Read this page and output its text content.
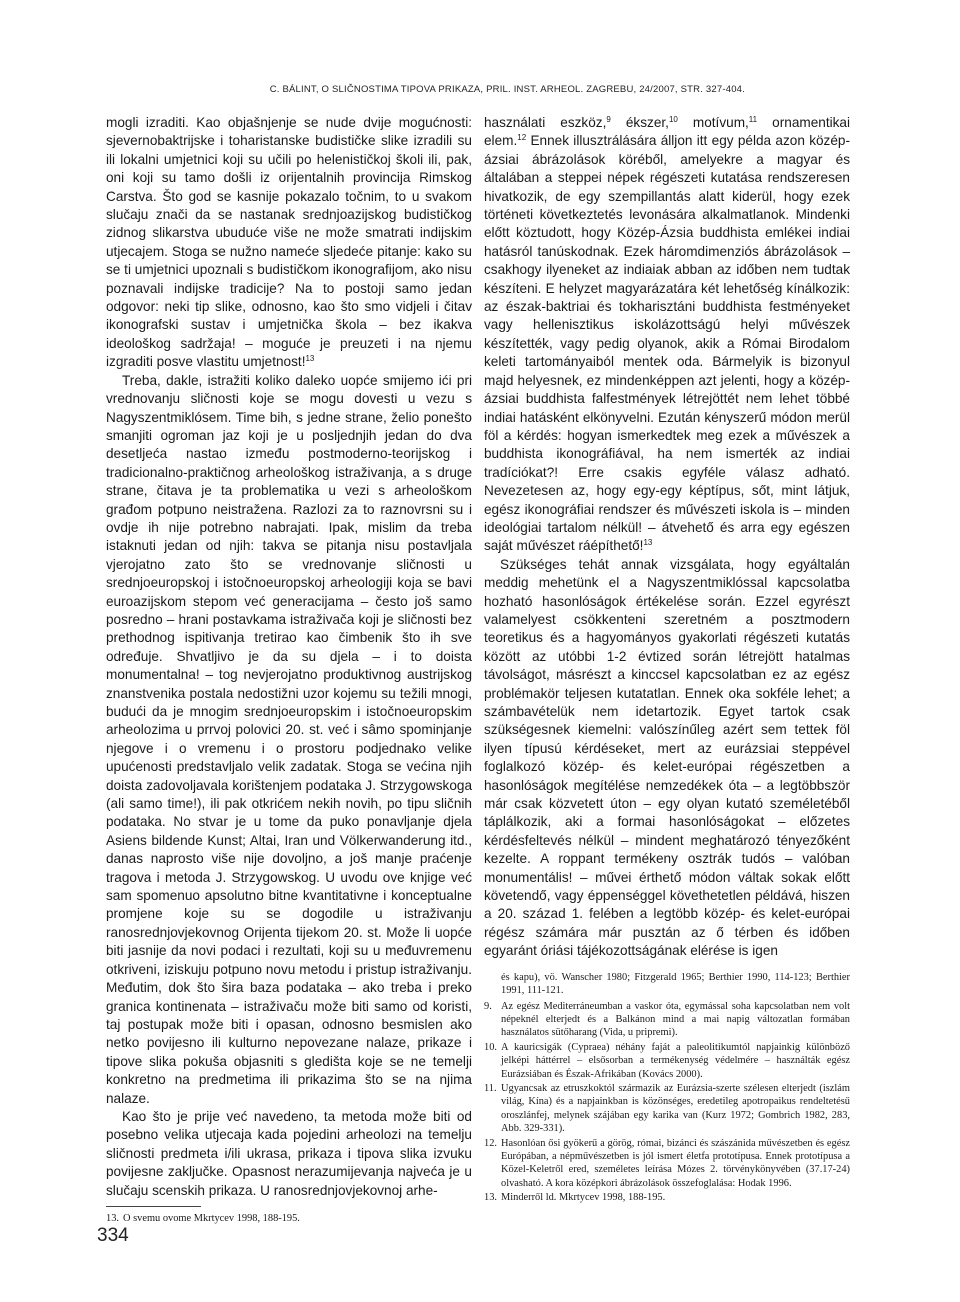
C. BÁLINT, O SLIČNOSTIMA TIPOVA PRIKAZA, PRIL. INST. ARHEOL. ZAGREBU, 24/2007, STR. 327-404.

mogli izraditi. Kao objašnjenje se nude dvije mogućnosti: sjevernobaktrijske i toharistanske budističke slike izradili su ili lokalni umjetnici koji su učili po helenističkoj školi ili, pak, oni koji su tamo došli iz orijentalnih provincija Rimskog Carstva. Što god se kasnije pokazalo točnim, to u svakom slučaju znači da se nastanak srednjoazijskog budističkog zidnog slikarstva ubuduće više ne može smatrati indijskim utjecajem. Stoga se nužno nameće sljedeće pitanje: kako su se ti umjetnici upoznali s budističkom ikonografijom, ako nisu poznavali indijske tradicije? Na to postoji samo jedan odgovor: neki tip slike, odnosno, kao što smo vidjeli i čitav ikonografski sustav i umjetnička škola – bez ikakva ideološkog sadržaja! – moguće je preuzeti i na njemu izgraditi posve vlastitu umjetnost!$^{13}$

Treba, dakle, istražiti koliko daleko uopće smijemo ići pri vrednovanju sličnosti koje se mogu dovesti u vezu s Nagyszentmiklósem. Time bih, s jedne strane, želio ponešto smanjiti ogroman jaz koji je u posljednjih jedan do dva desetljeća nastao između postmoderno-teorijskog i tradicionalno-praktičnog arheološkog istraživanja, a s druge strane, čitava je ta problematika u vezi s arheološkom građom potpuno neistražena. Razlozi za to raznovrsni su i ovdje ih nije potrebno nabrajati. Ipak, mislim da treba istaknuti jedan od njih: takva se pitanja nisu postavljala vjerojatno zato što se vrednovanje sličnosti u srednjoeuropskoj i istočnoeuropskoj arheologiji koja se bavi euroazijskom stepom već generacijama – često još samo posredno – hrani postavkama istraživača koji je sličnosti bez prethodnog ispitivanja tretirao kao čimbenik što ih sve određuje. Shvatljivo je da su djela – i to doista monumentalna! – tog nevjerojatno produktivnog austrijskog znanstvenika postala nedostižni uzor kojemu su težili mnogi, budući da je mnogim srednjoeuropskim i istočnoeuropskim arheolozima u prrvoj polovici 20. st. već i sâmo spominjanje njegove i o vremenu i o prostoru podjednako velike upućenosti predstavljalo velik zadatak. Stoga se većina njih doista zadovoljavala korištenjem podataka J. Strzygowskoga (ali samo time!), ili pak otkrićem nekih novih, po tipu sličnih podataka. No stvar je u tome da puko ponavljanje djela Asiens bildende Kunst; Altai, Iran und Völkerwanderung itd., danas naprosto više nije dovoljno, a još manje praćenje tragova i metoda J. Strzygowskog. U uvodu ove knjige već sam spomenuo apsolutno bitne kvantitativne i konceptualne promjene koje su se dogodile u istraživanju ranosrednjovjekovnog Orijenta tijekom 20. st. Može li uopće biti jasnije da novi podaci i rezultati, koji su u međuvremenu otkriveni, iziskuju potpuno novu metodu i pristup istraživanju. Međutim, dok što šira baza podataka – ako treba i preko granica kontinenata – istraživaču može biti samo od koristi, taj postupak može biti i opasan, odnosno besmislen ako netko povijesno ili kulturno nepovezane nalaze, prikaze i tipove slika pokuša objasniti s gledišta koje se ne temelji konkretno na predmetima ili prikazima što se na njima nalaze.

Kao što je prije već navedeno, ta metoda može biti od posebno velika utjecaja kada pojedini arheolozi na temelju sličnosti predmeta i/ili ukrasa, prikaza i tipova slika izvuku povijesne zaključke. Opasnost nerazumijevanja najveća je u slučaju scenskih prikaza. U ranosrednjovjekovnoj arhe-

13. O svemu ovome Mkrtycev 1998, 188-195.

használati eszköz,$^9$ ékszer,$^{10}$ motívum,$^{11}$ ornamentikai elem.$^{12}$ Ennek illusztrálására álljon itt egy példa azon közép-ázsiai ábrázolások köréből, amelyekre a magyar és általában a steppei népek régészeti kutatása rendszeresen hivatkozik, de egy szempillantás alatt kiderül, hogy ezek történeti következtetés levonására alkalmatlanok. Mindenki előtt köztudott, hogy Közép-Ázsia buddhista emlékei indiai hatásról tanúskodnak. Ezek háromdimenziós ábrázolások – csakhogy ilyeneket az indiaiak abban az időben nem tudtak készíteni. E helyzet magyarázatára két lehetőség kínálkozik: az észak-baktriai és tokharisztáni buddhista festményeket vagy hellenisztikus iskolázottságú helyi művészek készítették, vagy pedig olyanok, akik a Római Birodalom keleti tartományaiból mentek oda. Bármelyik is bizonyul majd helyesnek, ez mindenképpen azt jelenti, hogy a közép-ázsiai buddhista falfestmények létrejöttét nem lehet többé indiai hatásként elkönyvelni. Ezután kényszerű módon merül föl a kérdés: hogyan ismerkedtek meg ezek a művészek a buddhista ikonográfiával, ha nem ismerték az indiai tradíciókat?! Erre csakis egyféle válasz adható. Nevezetesen az, hogy egy-egy képtípus, sőt, mint látjuk, egész ikonográfiai rendszer és művészeti iskola is – minden ideológiai tartalom nélkül! – átvehető és arra egy egészen saját művészet ráépíthető!$^{13}$

Szükséges tehát annak vizsgálata, hogy egyáltalán meddig mehetünk el a Nagyszentmiklóssal kapcsolatba hozható hasonlóságok értékelése során. Ezzel egyrészt valamelyest csökkenteni szeretném a posztmodern teoretikus és a hagyományos gyakorlati régészeti kutatás között az utóbbi 1-2 évtized során létrejött hatalmas távolságot, másrészt a kinccsel kapcsolatban ez az egész problémakör teljesen kutatatlan. Ennek oka sokféle lehet; a számbavételük nem idetartozik. Egyet tartok csak szükségesnek kiemelni: valószínűleg azért sem tettek föl ilyen típusú kérdéseket, mert az eurázsiai steppével foglalkozó közép- és kelet-európai régészetben a hasonlóságok megítélése nemzedékek óta – a legtöbbször már csak közvetett úton – egy olyan kutató személetéből táplálkozik, aki a formai hasonlóságokat – előzetes kérdésfeltevés nélkül – mindent meghatározó tényezőként kezelte. A roppant termékeny osztrák tudós – valóban monumentális! – művei érthető módon váltak sokak előtt követendő, vagy éppenséggel követhetetlen példává, hiszen a 20. század 1. felében a legtöbb közép- és kelet-európai régész számára már pusztán az ő térben és időben egyaránt óriási tájékozottságának elérése is igen

és kapu), vö. Wanscher 1980; Fitzgerald 1965; Berthier 1990, 114-123; Berthier 1991, 111-121.
9. Az egész Mediterráneumban a vaskor óta, egymással soha kapcsolatban nem volt népeknél elterjedt és a Balkánon mind a mai napig változatlan formában használatos sütőharang (Vida, u pripremi).
10. A kauricsigák (Cypraea) néhány faját a paleolitikumtól napjainkig különböző jelképi háttérrel – elsősorban a termékenység védelmére – használták egész Eurázsiában és Észak-Afrikában (Kovács 2000).
11. Ugyancsak az etruszkoktól származik az Eurázsia-szerte szélesen elterjedt (iszlám világ, Kína) és a napjainkban is közönséges, eredetileg apotropaikus rendeltetésű oroszlánfej, melynek szájában egy karika van (Kurz 1972; Gombrich 1982, 283, Abb. 329-331).
12. Hasonlóan ősi gyökerű a görög, római, bizánci és szászánida művészetben és egész Európában, a népművészetben is jól ismert életfa prototípusa. Ennek prototípusa a Közel-Keletről ered, személetes leírása Mózes 2. törvénykönyvében (37.17-24) olvasható. A kora középkori ábrázolások összefoglalása: Hodak 1996.
13. Minderről ld. Mkrtycev 1998, 188-195.
334
